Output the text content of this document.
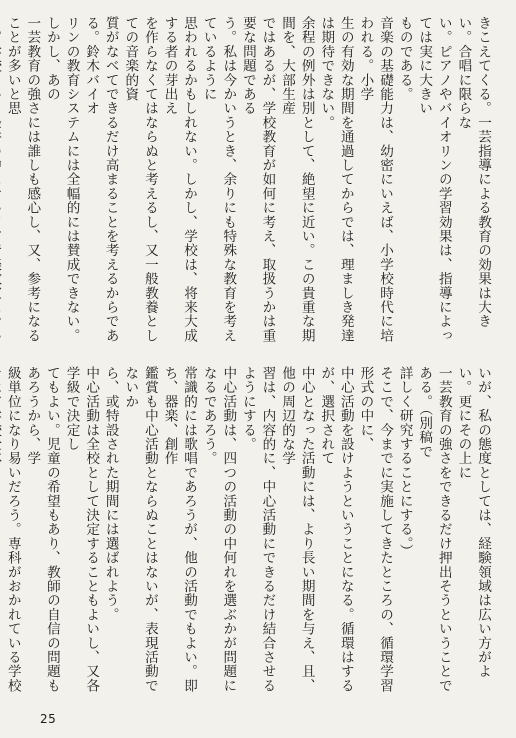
きこえてくる。一芸指導による教育の効果は大きい。合唱に限らな
い。ピアノやバイオリンの学習効果は、指導によっては実に大きい
ものである。
音楽の基礎能力は、幼密にいえば、小学校時代に培われる。小学
生の有効な期間を通過してからでは、理ましき発達は期待できない。
余程の例外は別として、絶望に近い。この貴重な期間を、大部生産
ではあるが、学校教育が如何に考え、取扱うかは重要な問題である
う。私は今かいうとき、余りにも特殊な教育を考えているように
思われるかもしれない。しかし、学校は、将来大成する者の芽出え
を作らなくてはならぬと考えるし、又一般教養としての音楽的資
質がなべてできるだけ高まることを考えるからである。鈴木バイオ
リンの教育システムには全幅的には賛成できない。しかし、あの
一芸教育の強さには誰しも感心し、又、参考になることが多いと思
いが、私の態度としては、経験領域は広い方がよい。更にその上に
一芸教育の強さをできるだけ押出そうということである。（別稿で
詳しく研究することにする。）
そこで、今までに実施してきたところの、循環学習形式の中に、
中心活動を設けようということになる。循環はするが、選択されて
中心となった活動には、より長い期間を与え、且、他の周辺的な学
習は、内容的に、中心活動にできるだけ結合させるようにする。
中心活動は、四つの活動の中何れを選ぶかが問題になるであろう。
常識的には歌唱であろうが、他の活動でもよい。即ち、器楽、創作
鑑賞も中心活動とならぬことはないが、表現活動でないか
ら、或特設された期間には選ばれよう。
中心活動は全校として決定することもよいし、又各学級で決定し
てもよい。児童の希望もあり、教師の自信の問題もあろうから、学
級単位になり易いだろう。専科がおかれている学校
25
